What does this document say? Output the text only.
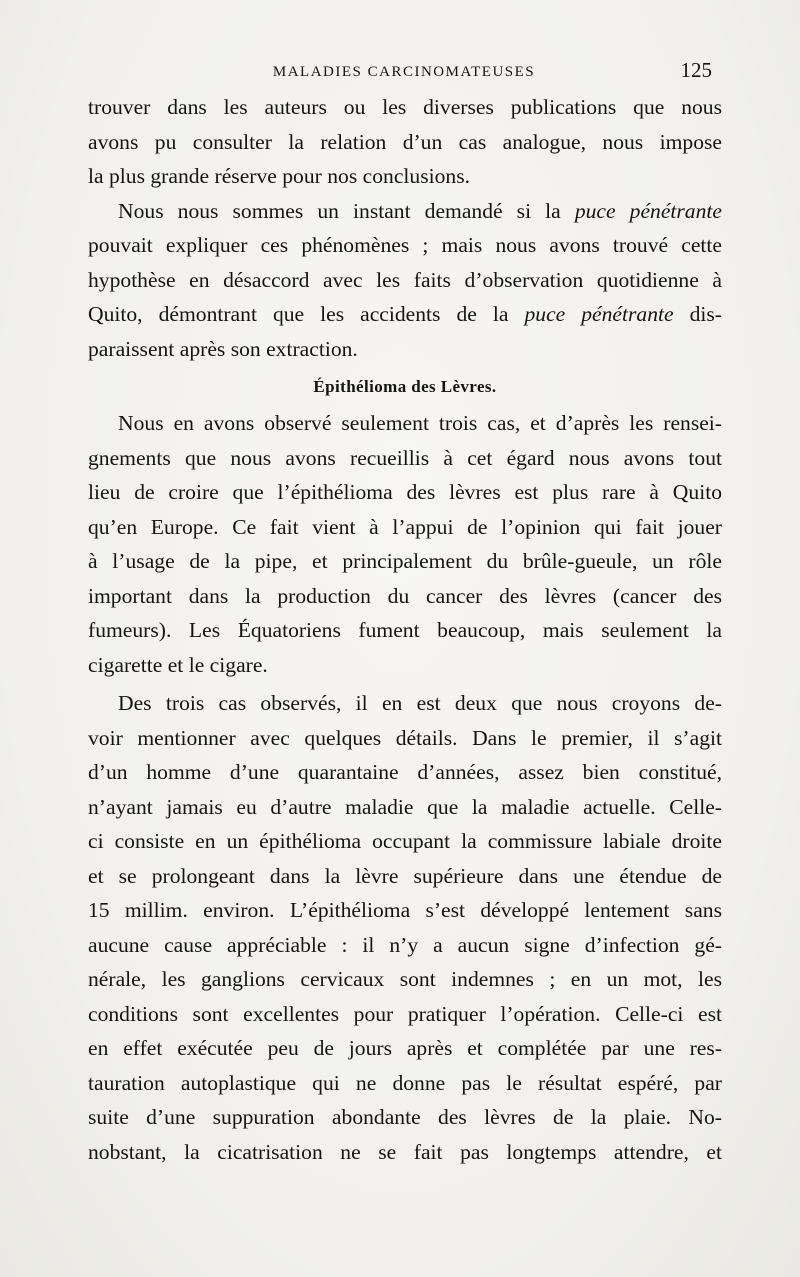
MALADIES CARCINOMATEUSES	125
trouver dans les auteurs ou les diverses publications que nous
avons pu consulter la relation d’un cas analogue, nous impose
la plus grande réserve pour nos conclusions.
Nous nous sommes un instant demandé si la puce pénétrante
pouvait expliquer ces phénomènes ; mais nous avons trouvé cette
hypothèse en désaccord avec les faits d’observation quotidienne à
Quito, démontrant que les accidents de la puce pénétrante dis-
paraissent après son extraction.
Épithélioma des Lèvres.
Nous en avons observé seulement trois cas, et d’après les rensei-
gnements que nous avons recueillis à cet égard nous avons tout
lieu de croire que l’épithélioma des lèvres est plus rare à Quito
qu’en Europe. Ce fait vient à l’appui de l’opinion qui fait jouer
à l’usage de la pipe, et principalement du brûle-gueule, un rôle
important dans la production du cancer des lèvres (cancer des
fumeurs). Les Équatoriens fument beaucoup, mais seulement la
cigarette et le cigare.
Des trois cas observés, il en est deux que nous croyons de-
voir mentionner avec quelques détails. Dans le premier, il s’agit
d’un homme d’une quarantaine d’années, assez bien constitué,
n’ayant jamais eu d’autre maladie que la maladie actuelle. Celle-
ci consiste en un épithélioma occupant la commissure labiale droite
et se prolongeant dans la lèvre supérieure dans une étendue de
15 millim. environ. L’épithélioma s’est développé lentement sans
aucune cause appréciable : il n’y a aucun signe d’infection gé-
nérale, les ganglions cervicaux sont indemnes ; en un mot, les
conditions sont excellentes pour pratiquer l’opération. Celle-ci est
en effet exécutée peu de jours après et complétée par une res-
tauration autoplastique qui ne donne pas le résultat espéré, par
suite d’une suppuration abondante des lèvres de la plaie. No-
nobstant, la cicatrisation ne se fait pas longtemps attendre, et
